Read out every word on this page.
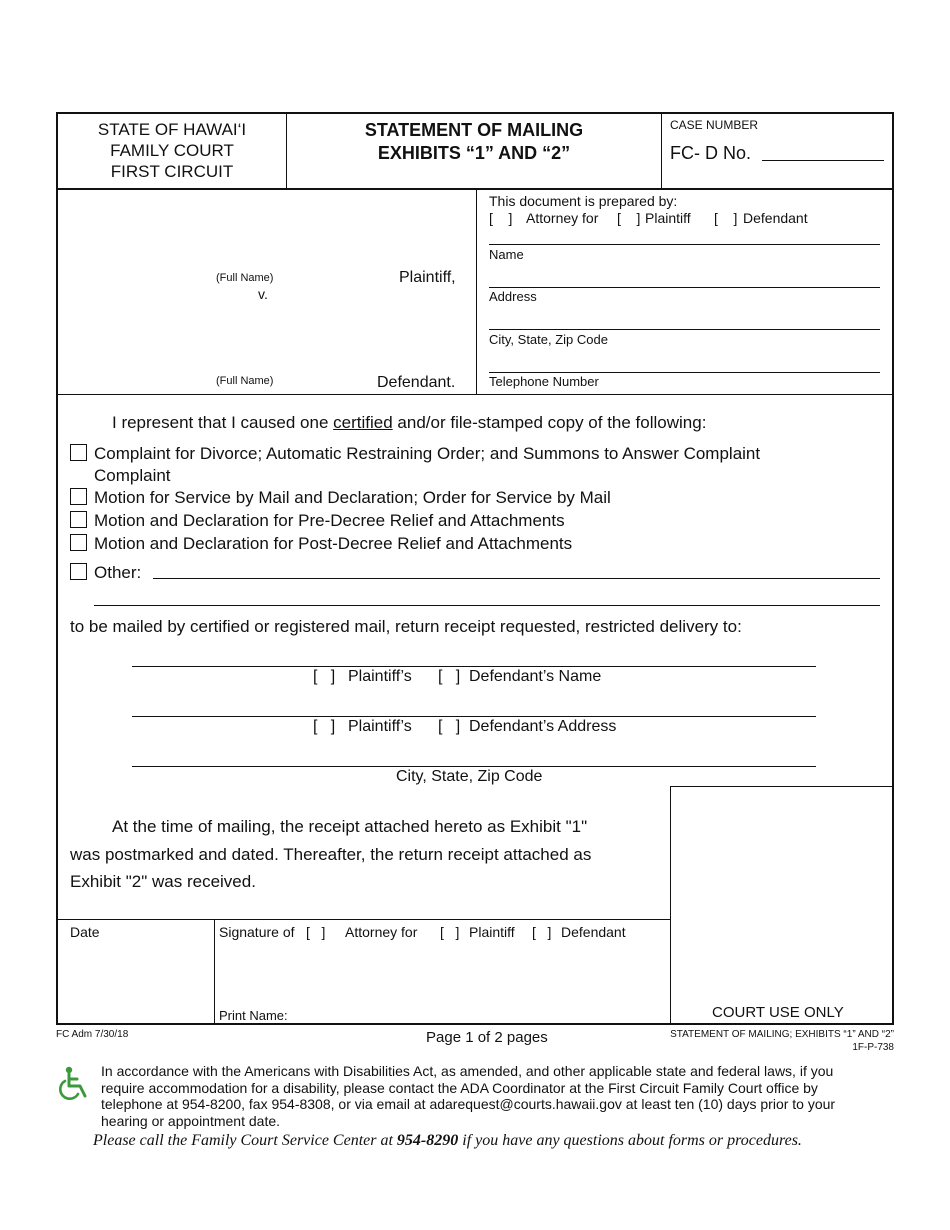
STATE OF HAWAI‘I
FAMILY COURT
FIRST CIRCUIT
STATEMENT OF MAILING
EXHIBITS “1” AND “2”
CASE NUMBER
FC- D No.
(Full Name)	Plaintiff,
v.
(Full Name)	Defendant.
This document is prepared by:
[    ] Attorney for [    ] Plaintiff [    ] Defendant
Name
Address
City, State, Zip Code
Telephone Number
I represent that I caused one certified and/or file-stamped copy of the following:
Complaint for Divorce; Automatic Restraining Order; and Summons to Answer Complaint
Complaint
Motion for Service by Mail and Declaration; Order for Service by Mail
Motion and Declaration for Pre-Decree Relief and Attachments
Motion and Declaration for Post-Decree Relief and Attachments
Other:
to be mailed by certified or registered mail, return receipt requested, restricted delivery to:
[   ] Plaintiff’s [   ] Defendant’s Name
[   ] Plaintiff’s [   ] Defendant’s Address
City, State, Zip Code
COURT USE ONLY
At the time of mailing, the receipt attached hereto as Exhibit "1"
was postmarked and dated. Thereafter, the return receipt attached as
Exhibit "2" was received.
Date	Signature of [   ] Attorney for [   ] Plaintiff [   ] Defendant
Print Name:
FC Adm 7/30/18	Page 1 of 2 pages	STATEMENT OF MAILING; EXHIBITS “1” AND “2”
1F-P-738
In accordance with the Americans with Disabilities Act, as amended, and other applicable state and federal laws, if you
require accommodation for a disability, please contact the ADA Coordinator at the First Circuit Family Court office by
telephone at 954-8200, fax 954-8308, or via email at adarequest@courts.hawaii.gov at least ten (10) days prior to your
hearing or appointment date.
Please call the Family Court Service Center at 954-8290 if you have any questions about forms or procedures.
